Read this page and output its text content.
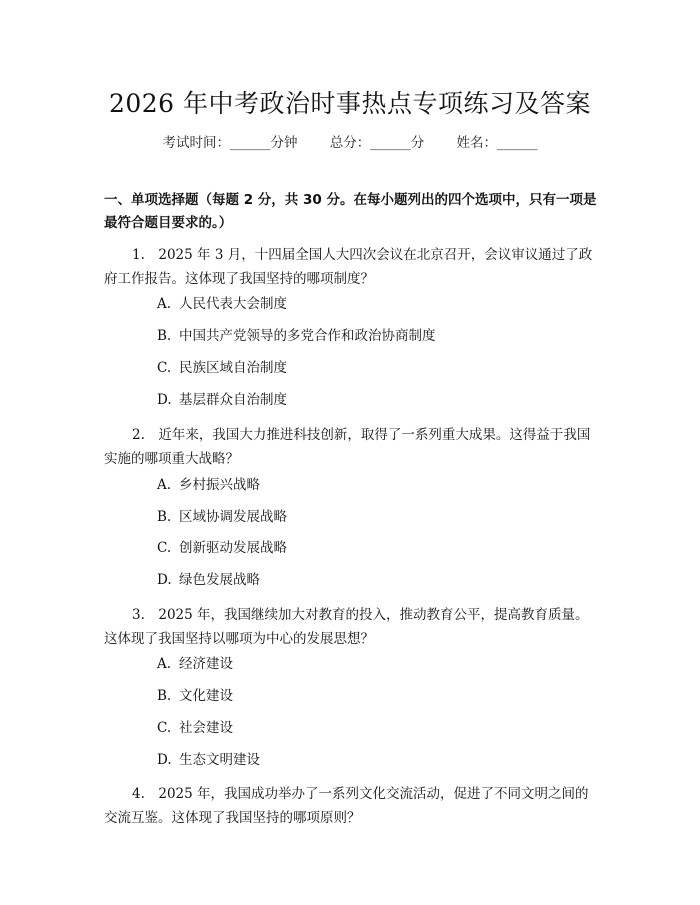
2026 年中考政治时事热点专项练习及答案
考试时间：______分钟 总分：______分 姓名：______
一、单项选择题（每题 2 分，共 30 分。在每小题列出的四个选项中，只有一项是最符合题目要求的。）
1.　2025 年 3 月，十四届全国人大四次会议在北京召开，会议审议通过了政府工作报告。这体现了我国坚持的哪项制度？
A. 人民代表大会制度
B. 中国共产党领导的多党合作和政治协商制度
C. 民族区域自治制度
D. 基层群众自治制度
2.　近年来，我国大力推进科技创新，取得了一系列重大成果。这得益于我国实施的哪项重大战略？
A. 乡村振兴战略
B. 区域协调发展战略
C. 创新驱动发展战略
D. 绿色发展战略
3.　2025 年，我国继续加大对教育的投入，推动教育公平，提高教育质量。这体现了我国坚持以哪项为中心的发展思想？
A. 经济建设
B. 文化建设
C. 社会建设
D. 生态文明建设
4.　2025 年，我国成功举办了一系列文化交流活动，促进了不同文明之间的交流互鉴。这体现了我国坚持的哪项原则？
